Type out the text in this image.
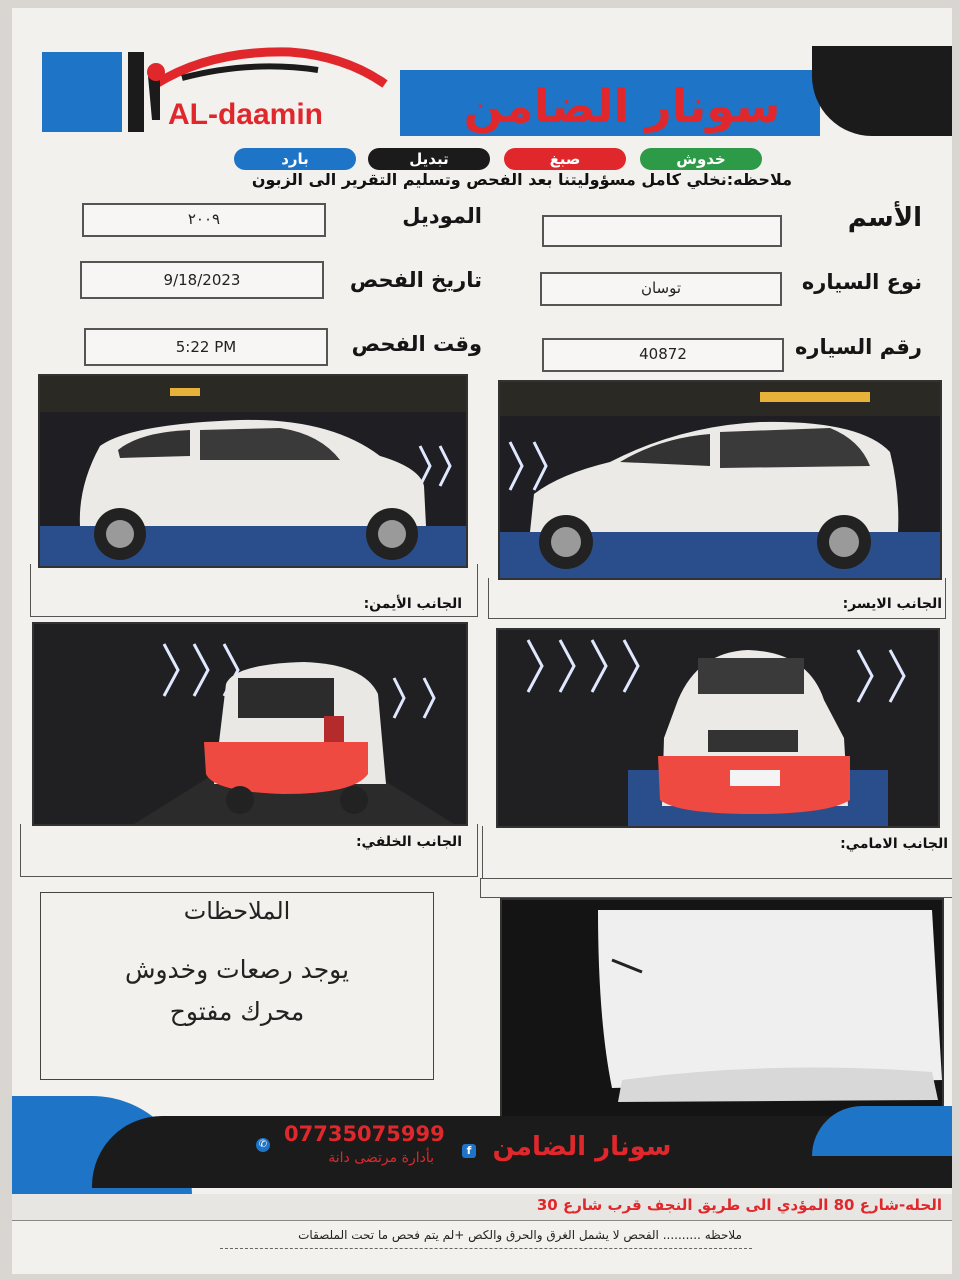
AL-daamin	سونار الضامن
خدوش
صبغ
تبديل
بارد
ملاحظه:نخلي كامل مسؤوليتنا بعد الفحص وتسليم التقرير الى الزبون
الأسم
الموديل
٢٠٠٩
نوع السياره
توسان
تاريخ الفحص
9/18/2023
رقم السياره
40872
وقت الفحص
5:22 PM
الجانب الأيمن:	الجانب الايسر:
الجانب الخلفي:	الجانب الامامي:
الملاحظات
يوجد رصعات وخدوش
محرك مفتوح
✆ 07735075999
بأدارة مرتضى دانة	f سونار الضامن
الحله-شارع 80 المؤدي الى طريق النجف قرب شارع 30
ملاحظه .......... الفحص لا يشمل الغرق والحرق والكص +لم يتم فحص ما تحت الملصقات
